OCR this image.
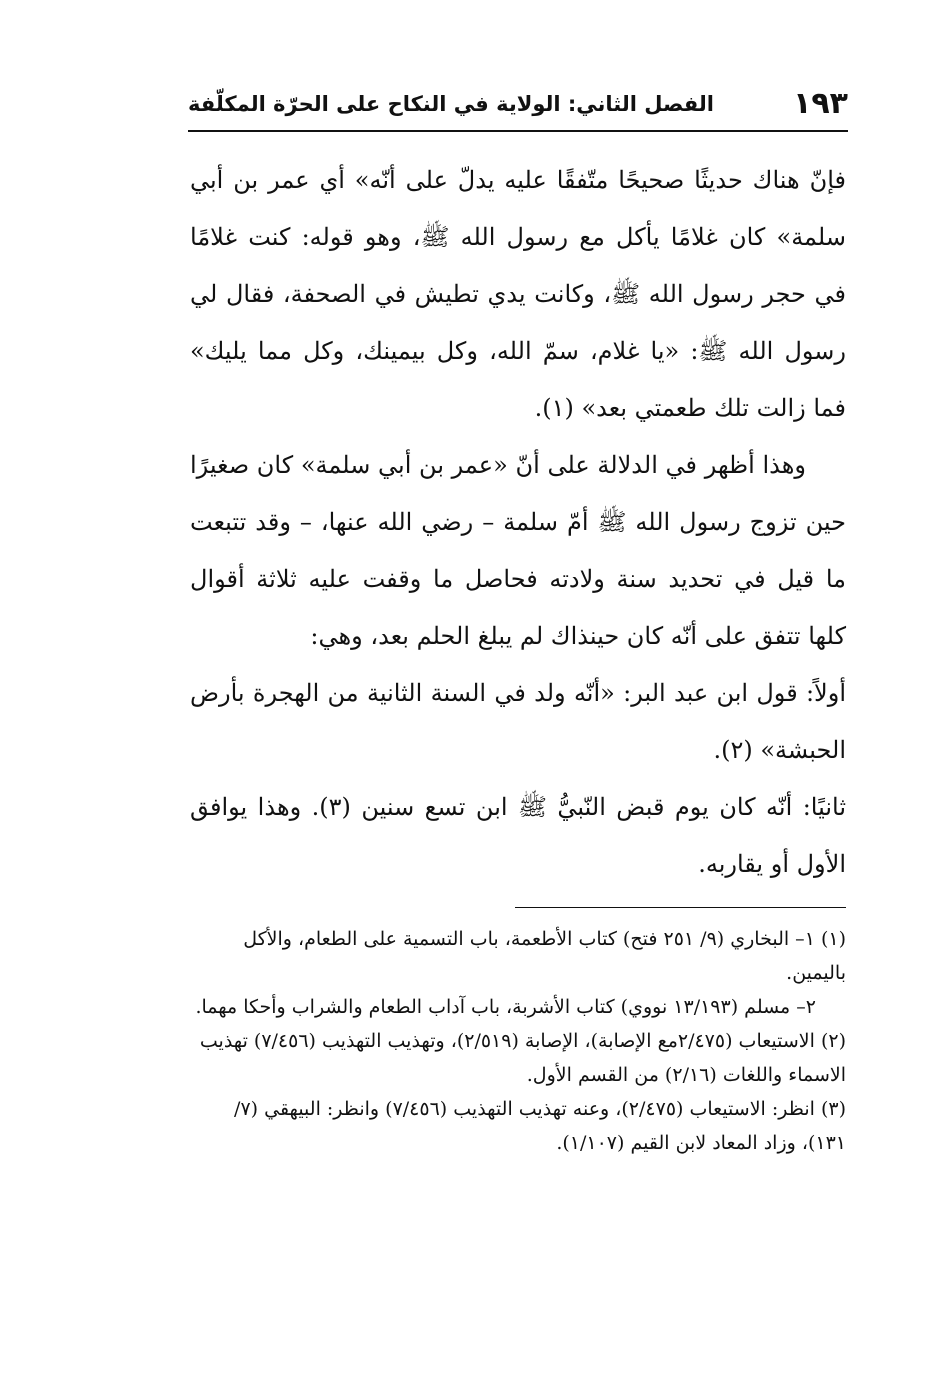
١٩٣
الفصل الثاني: الولاية في النكاح على الحرّة المكلّفة

فإنّ هناك حديثًا صحيحًا متّفقًا عليه يدلّ على أنّه» أي عمر بن أبي سلمة» كان غلامًا يأكل مع رسول الله ﷺ، وهو قوله: كنت غلامًا في حجر رسول الله ﷺ، وكانت يدي تطيش في الصحفة، فقال لي رسول الله ﷺ: «يا غلام، سمّ الله، وكل بيمينك، وكل مما يليك» فما زالت تلك طعمتي بعد» (١).

وهذا أظهر في الدلالة على أنّ «عمر بن أبي سلمة» كان صغيرًا حين تزوج رسول الله ﷺ أمّ سلمة – رضي الله عنها، – وقد تتبعت ما قيل في تحديد سنة ولادته فحاصل ما وقفت عليه ثلاثة أقوال كلها تتفق على أنّه كان حينذاك لم يبلغ الحلم بعد، وهي:

أولاً: قول ابن عبد البر: «أنّه ولد في السنة الثانية من الهجرة بأرض الحبشة» (٢).

ثانيًا: أنّه كان يوم قبض النّبيُّ ﷺ ابن تسع سنين (٣). وهذا يوافق الأول أو يقاربه.

(١) ١– البخاري (٩/ ٢٥١ فتح) كتاب الأطعمة، باب التسمية على الطعام، والأكل باليمين.

٢– مسلم (١٣/١٩٣ نووي) كتاب الأشربة، باب آداب الطعام والشراب وأحكا مهما.

(٢) الاستيعاب (٢/٤٧٥مع الإصابة)، الإصابة (٢/٥١٩)، وتهذيب التهذيب (٧/٤٥٦) تهذيب الاسماء واللغات (٢/١٦) من القسم الأول.

(٣) انظر: الاستيعاب (٢/٤٧٥)، وعنه تهذيب التهذيب (٧/٤٥٦) وانظر: البيهقي (٧/ ١٣١)، وزاد المعاد لابن القيم (١/١٠٧).
